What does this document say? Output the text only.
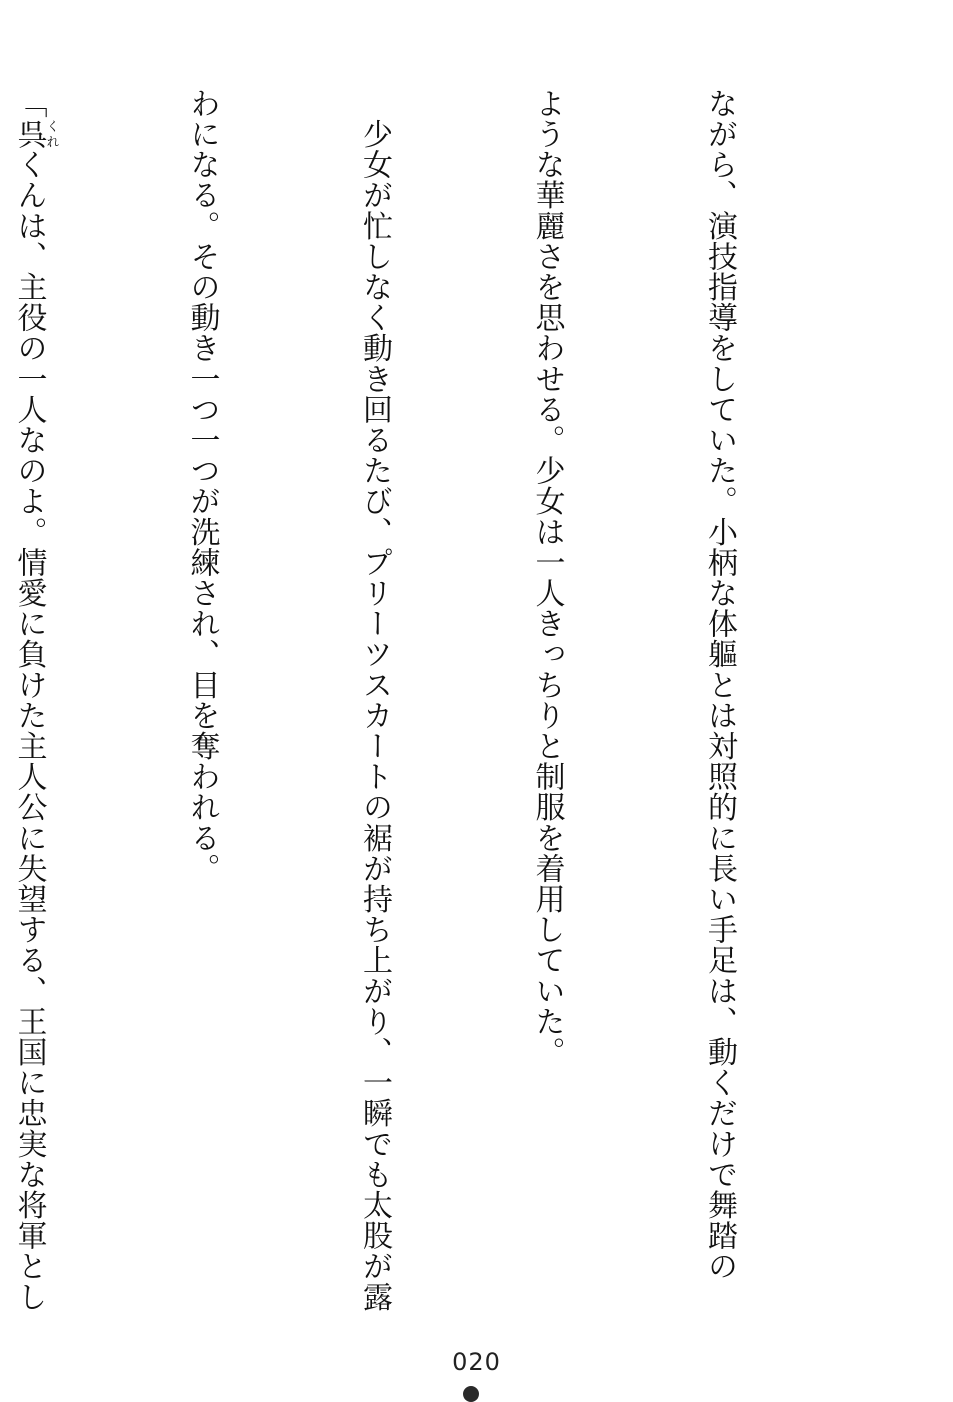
ながら、演技指導をしていた。小柄な体軀とは対照的に長い手足は、動くだけで舞踏の

ような華麗さを思わせる。少女は一人きっちりと制服を着用していた。

　少女が忙しなく動き回るたび、プリーツスカートの裾が持ち上がり、一瞬でも太股が露

わになる。その動き一つ一つが洗練され、目を奪われる。

「呉くれくんは、主役の一人なのよ。情愛に負けた主人公に失望する、王国に忠実な将軍とし

020
